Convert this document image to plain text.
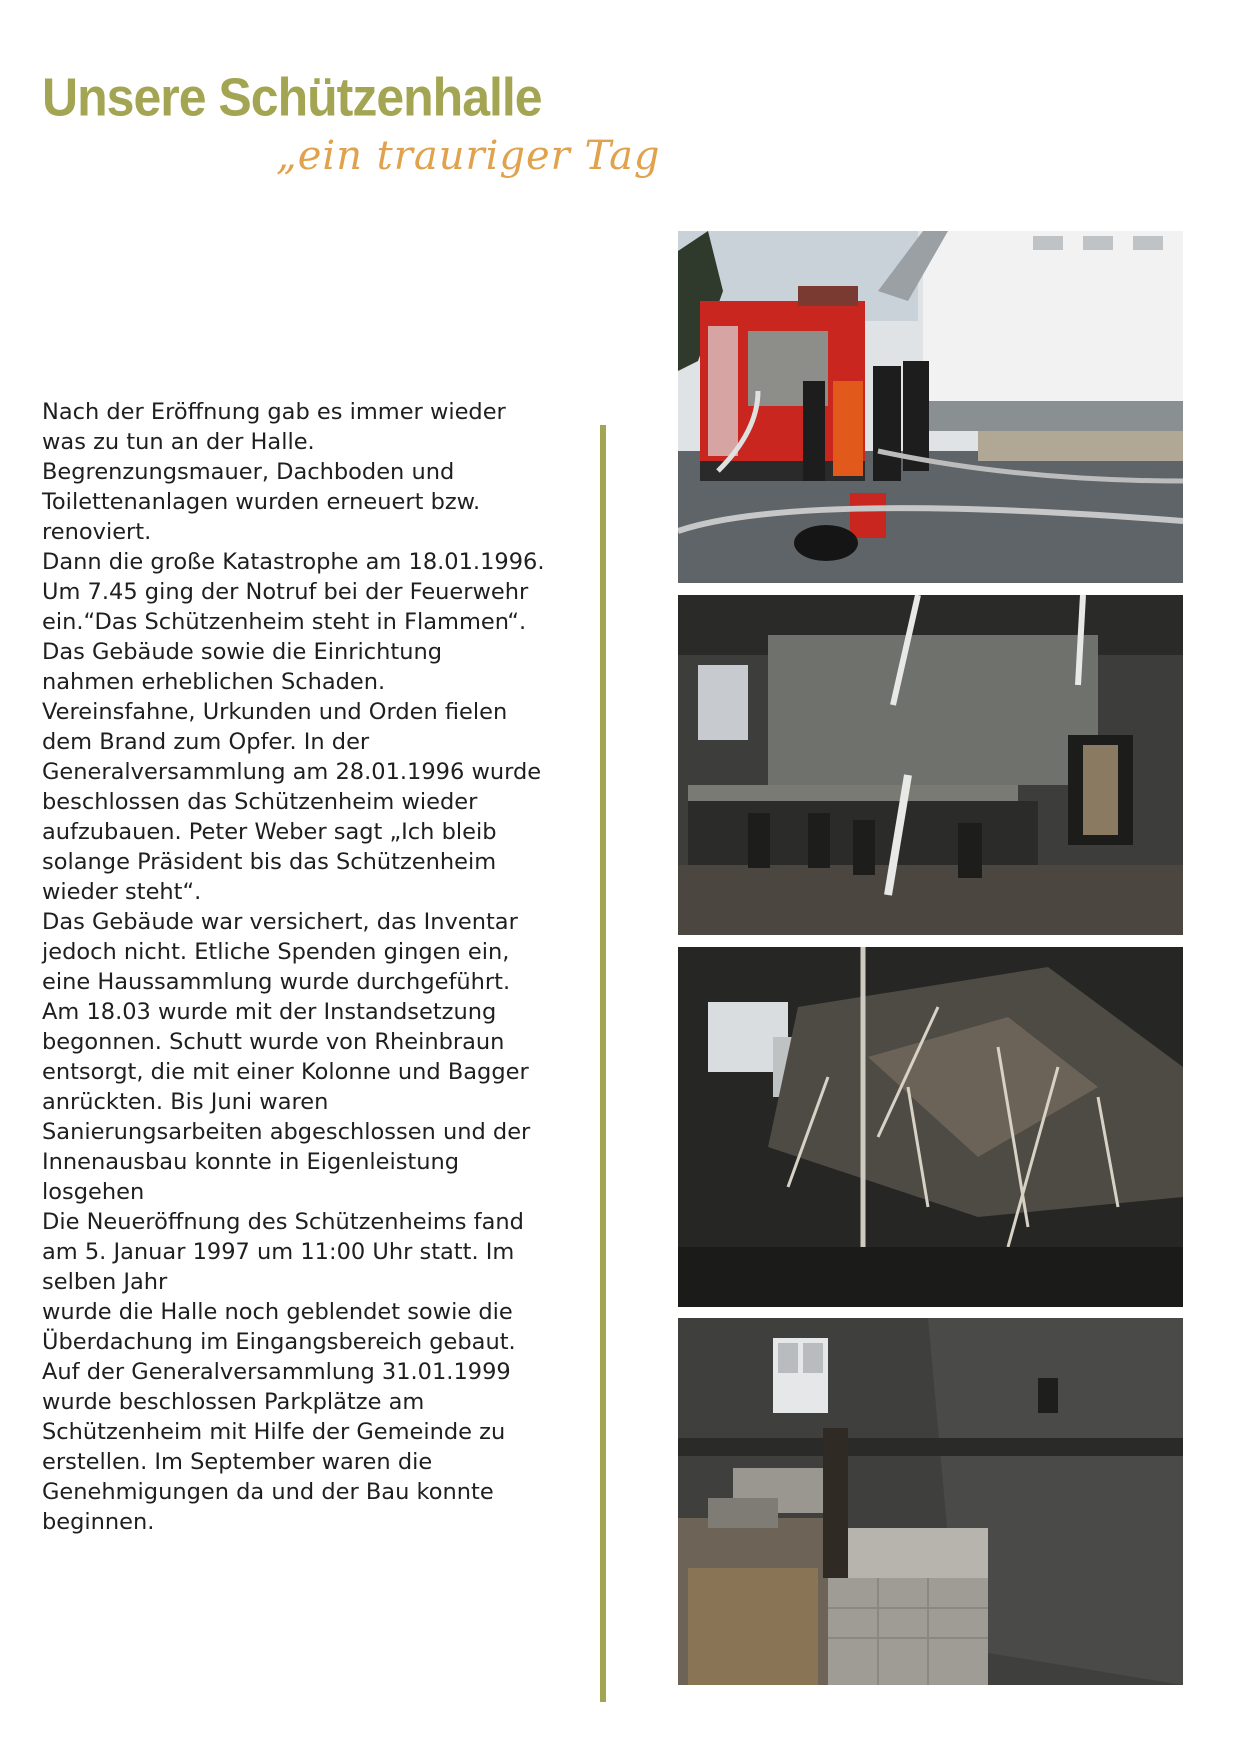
Unsere Schützenhalle
„ein trauriger Tag

Nach der Eröffnung gab es immer wieder

was zu tun an der Halle.

Begrenzungsmauer, Dachboden und

Toilettenanlagen wurden erneuert bzw.

renoviert.

Dann die große Katastrophe am 18.01.1996.

Um 7.45 ging der Notruf bei der Feuerwehr

ein.“Das Schützenheim steht in Flammen“.

Das Gebäude sowie die Einrichtung

nahmen erheblichen Schaden.

Vereinsfahne, Urkunden und Orden fielen

dem Brand zum Opfer. In der

Generalversammlung am 28.01.1996 wurde

beschlossen das Schützenheim wieder

aufzubauen. Peter Weber sagt „Ich bleib

solange Präsident bis das Schützenheim

wieder steht“.

Das Gebäude war versichert, das Inventar

jedoch nicht. Etliche Spenden gingen ein,

eine Haussammlung wurde durchgeführt.

Am 18.03 wurde mit der Instandsetzung

begonnen. Schutt wurde von Rheinbraun

entsorgt, die mit einer Kolonne und Bagger

anrückten. Bis Juni waren

Sanierungsarbeiten abgeschlossen und der

Innenausbau konnte in Eigenleistung

losgehen

Die Neueröffnung des Schützenheims fand

am 5. Januar 1997 um 11:00 Uhr statt. Im

selben Jahr

wurde die Halle noch geblendet sowie die

Überdachung im Eingangsbereich gebaut.

Auf der Generalversammlung 31.01.1999

wurde beschlossen Parkplätze am

Schützenheim mit Hilfe der Gemeinde zu

erstellen. Im September waren die

Genehmigungen da und der Bau konnte

beginnen.
